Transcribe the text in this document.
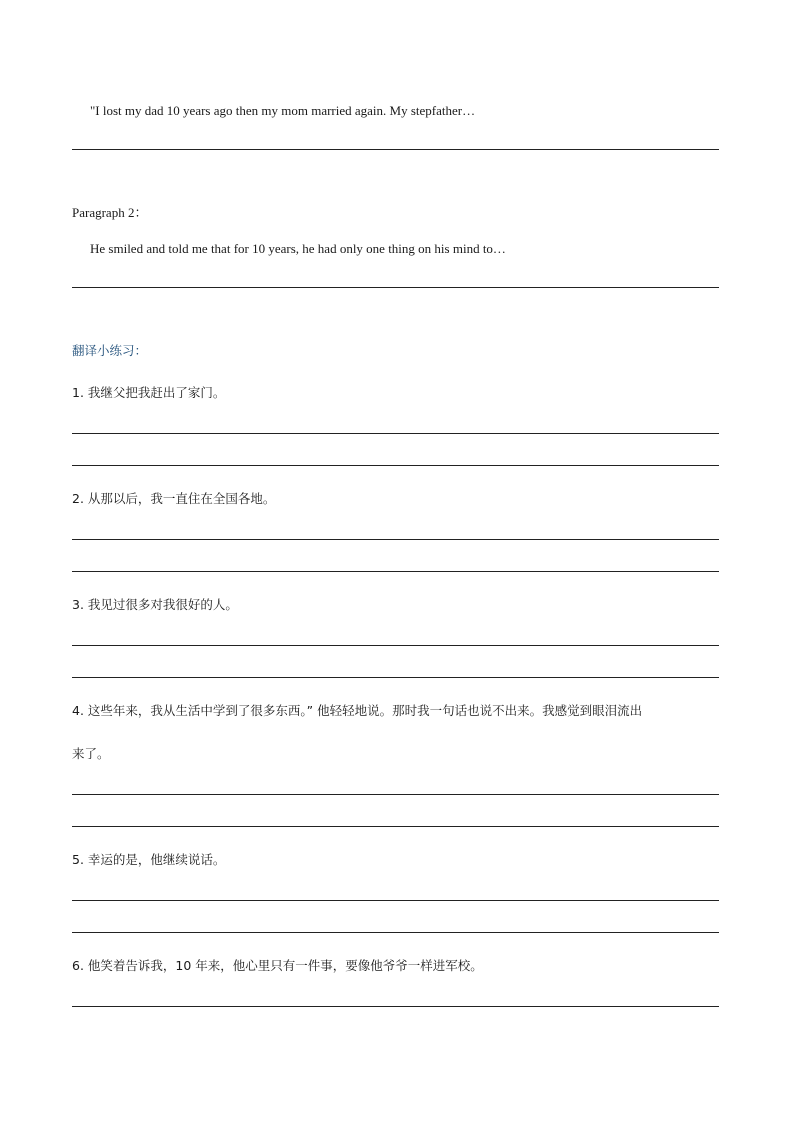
"I lost my dad 10 years ago then my mom married again. My stepfather…
Paragraph 2：
He smiled and told me that for 10 years, he had only one thing on his mind to…
翻译小练习：
1. 我继父把我赶出了家门。
2. 从那以后，我一直住在全国各地。
3. 我见过很多对我很好的人。
4. 这些年来，我从生活中学到了很多东西。” 他轻轻地说。那时我一句话也说不出来。我感觉到眼泪流出
来了。
5. 幸运的是，他继续说话。
6. 他笑着告诉我，10 年来，他心里只有一件事，要像他爷爷一样进军校。
